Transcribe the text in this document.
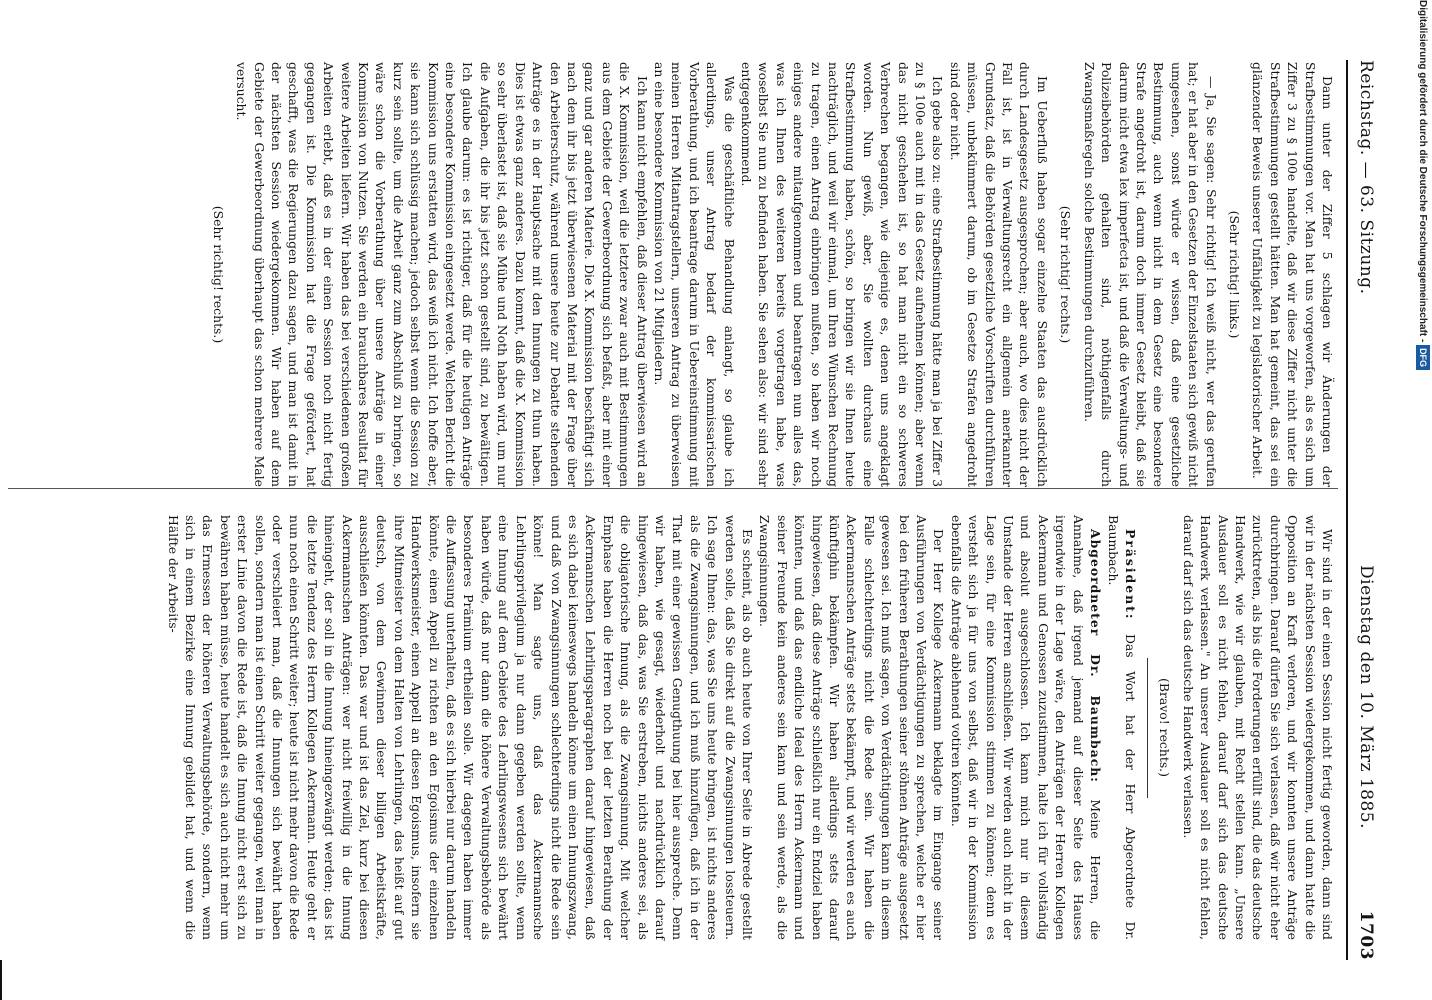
Reichstag. — 63. Sitzung.
Dienstag den 10. März 1885.
1703

Dann unter der Ziffer 5 schlagen wir Änderungen der Strafbestimmungen vor. Man hat uns vorgeworfen, als es sich um Ziffer 3 zu § 100e handelte, daß wir diese Ziffer nicht unter die Strafbestimmungen gestellt hätten. Man hat gemeint, das sei ein glänzender Beweis unserer Unfähigkeit zu legislatorischer Arbeit.

(Sehr richtig! links.)

— Ja, Sie sagen: Sehr richtig! Ich weiß nicht, wer das gerufen hat; er hat aber in den Gesetzen der Einzelstaaten sich gewiß nicht umgesehen, sonst würde er wissen, daß eine gesetzliche Bestimmung, auch wenn nicht in dem Gesetz eine besondere Strafe angedroht ist, darum doch immer Gesetz bleibt, daß sie darum nicht etwa lex imperfecta ist, und daß die Verwaltungs- und Polizeibehörden gehalten sind, nöthigenfalls durch Zwangsmaßregeln solche Bestimmungen durchzuführen.

(Sehr richtig! rechts.)

Im Ueberfluß haben sogar einzelne Staaten das ausdrücklich durch Landesgesetz ausgesprochen; aber auch, wo dies nicht der Fall ist, ist in Verwaltungsrecht ein allgemein anerkannter Grundsatz, daß die Behörden gesetzliche Vorschriften durchführen müssen, unbekümmert darum, ob im Gesetze Strafen angedroht sind oder nicht.

Ich gebe also zu: eine Strafbestimmung hätte man ja bei Ziffer 3 zu § 100e auch mit in das Gesetz aufnehmen können; aber wenn das nicht geschehen ist, so hat man nicht ein so schweres Verbrechen begangen, wie diejenige es, denen uns angeklagt worden. Nun gewiß, aber, Sie wollten durchaus eine Strafbestimmung haben, schön, so bringen wir sie Ihnen heute nachträglich, und weil wir einmal, um Ihren Wünschen Rechnung zu tragen, einen Antrag einbringen mußten, so haben wir noch einiges andere mitaufgenommen und beantragen nun alles das, was ich Ihnen des weiteren bereits vorgetragen habe, was woselbst Sie nun zu befinden haben. Sie sehen also: wir sind sehr entgegenkommend.

Was die geschäftliche Behandlung anlangt, so glaube ich allerdings, unser Antrag bedarf der kommissarischen Vorberathung, und ich beantrage darum in Uebereinstimmung mit meinen Herren Mitantragstellern, unseren Antrag zu überweisen an eine besondere Kommission von 21 Mitgliedern.

Ich kann nicht empfehlen, daß dieser Antrag überwiesen wird an die X. Kommission, weil die letztere zwar auch mit Bestimmungen aus dem Gebiete der Gewerbeordnung sich befaßt, aber mit einer ganz und gar anderen Materie. Die X. Kommission beschäftigt sich nach dem ihr bis jetzt überwiesenen Material mit der Frage über den Arbeiterschutz, während unsere heute zur Debatte stehenden Anträge es in der Hauptsache mit den Innungen zu thun haben. Dies ist etwas ganz anderes. Dazu kommt, daß die X. Kommission so sehr überlastet ist, daß sie Mühe und Noth haben wird, um nur die Aufgaben, die ihr bis jetzt schon gestellt sind, zu bewältigen. Ich glaube darum: es ist richtiger, daß für die heutigen Anträge eine besondere Kommission eingesetzt werde. Welchen Bericht die Kommission uns erstatten wird, das weiß ich nicht. Ich hoffe aber, sie kann sich schlüssig machen; jedoch selbst wenn die Session zu kurz sein sollte, um die Arbeit ganz zum Abschluß zu bringen, so wäre schon die Vorberathung über unsere Anträge in einer Kommission von Nutzen. Sie werden ein brauchbares Resultat für weitere Arbeiten liefern. Wir haben das bei verschiedenen großen Arbeiten erlebt, daß es in der einen Session noch nicht fertig gegangen ist. Die Kommission hat die Frage gefördert, hat geschafft, was die Regierungen dazu sagen, und man ist damit in der nächsten Session wiedergekommen. Wir haben auf dem Gebiete der Gewerbeordnung überhaupt das schon mehrere Male versucht.

(Sehr richtig! rechts.)

Wir sind in der einen Session nicht fertig geworden, dann sind wir in der nächsten Session wiedergekommen, und dann hatte die Opposition an Kraft verloren, und wir konnten unsere Anträge durchbringen. Darauf dürfen Sie sich verlassen, daß wir nicht eher zurücktreten, als bis die Forderungen erfüllt sind, die das deutsche Handwerk, wie wir glauben, mit Recht stellen kann. „Unsere Ausdauer soll es nicht fehlen, darauf darf sich das deutsche Handwerk verlassen." An unserer Ausdauer soll es nicht fehlen, darauf darf sich das deutsche Handwerk verlassen.

(Bravo! rechts.)

Präsident: Das Wort hat der Herr Abgeordnete Dr. Baumbach.

Abgeordneter Dr. Baumbach: Meine Herren, die Annahme, daß irgend jemand auf dieser Seite des Hauses irgendwie in der Lage wäre, den Anträgen der Herren Kollegen Ackermann und Genossen zuzustimmen, halte ich für vollständig und absolut ausgeschlossen. Ich kann mich nur in diesem Umstande der Herren anschließen. Wir werden auch nicht in der Lage sein, für eine Kommission stimmen zu können; denn es versteht sich ja für uns von selbst, daß wir in der Kommission ebenfalls die Anträge ablehnend votiren könnten.

Der Herr Kollege Ackermann beklagte im Eingange seiner Ausführungen von Verdächtigungen zu sprechen, welche er hier bei den früheren Berathungen seiner stöhnen Anträge ausgesetzt gewesen sei. Ich muß sagen, von Verdächtigungen kann in diesem Falle schlechterdings nicht die Rede sein. Wir haben die Ackermannschen Anträge stets bekämpft, und wir werden es auch künftighin bekämpfen. Wir haben allerdings stets darauf hingewiesen, daß diese Anträge schließlich nur ein Endziel haben könnten, und daß das endliche Ideal des Herrn Ackermann und seiner Freunde kein anderes sein kann und sein werde, als die Zwangsinnungen.

Es scheint, als ob auch heute von Ihrer Seite in Abrede gestellt werden solle, daß Sie direkt auf die Zwangsinnungen lossteuern. Ich sage Ihnen: das, was Sie uns heute bringen, ist nichts anderes als die Zwangsinnungen, und ich muß hinzufügen, daß ich in der That mit einer gewissen Genugthuung bei hier ausspreche. Denn wir haben, wie gesagt, wiederholt und nachdrücklich darauf hingewiesen, daß das, was Sie erstreben, nichts anderes sei, als die obligatorische Innung, als die Zwangsinnung. Mit welcher Emphase haben die Herren noch bei der letzten Berathung der Ackermannschen Lehrlingsparagraphen darauf hingewiesen, daß es sich dabei keineswegs handeln könne um einen Innungszwang, und daß von Zwangsinnungen schlechterdings nicht die Rede sein könne! Man sagte uns, daß das Ackermannsche Lehrlingsprivilegium ja nur dann gegeben werden sollte, wenn eine Innung auf dem Gebiete des Lehrlingswesens sich bewährt haben würde, daß nur dann die höhere Verwaltungsbehörde als besonderes Prämium ertheilen solle. Wir dagegen haben immer die Auffassung unterhalten, daß es sich hierbei nur darum handeln könnte, einen Appell zu richten an den Egoismus der einzelnen Handwerksmeister, einen Appell an diesen Egoismus, insofern sie ihre Mitmeister von dem Halten von Lehrlingen, das heißt auf gut deutsch, von dem Gewinnen dieser billigen Arbeitskräfte, ausschließen könnten. Das war und ist das Ziel, kurz bei diesen Ackermannschen Anträgen: wer nicht freiwillig in die Innung hineingeht, der soll in die Innung hineingezwängt werden; das ist die letzte Tendenz des Herrn Kollegen Ackermann. Heute geht er nun noch einen Schritt weiter; heute ist nicht mehr davon die Rede oder verschleiert man, daß die Innungen sich bewährt haben sollen, sondern man ist einen Schritt weiter gegangen, weil man in erster Linie davon die Rede ist, daß die Innung nicht erst sich zu bewähren haben müsse, heute handelt es sich auch nicht mehr um das Ermessen der höheren Verwaltungsbehörde, sondern, wenn sich in einem Bezirke eine Innung gebildet hat, und wenn die Hälfte der Arbeits-

Digitalisierung gefördert durch die Deutsche Forschungsgemeinschaft - DFG
